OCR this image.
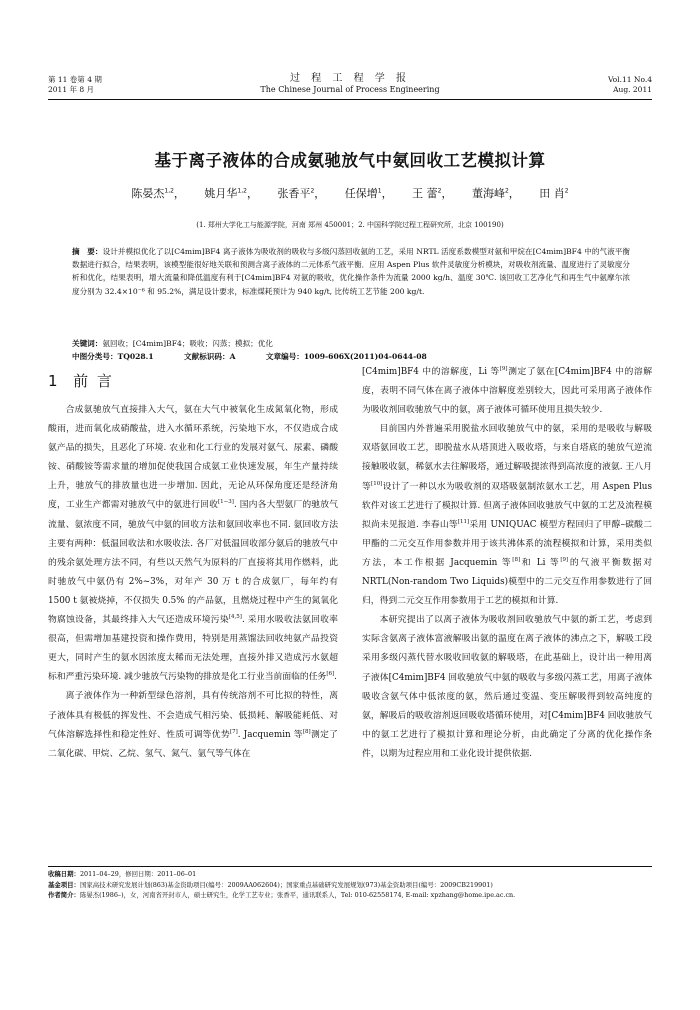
第 11 卷第 4 期
2011 年 8 月
过 程 工 程 学 报
The Chinese Journal of Process Engineering
Vol.11 No.4
Aug. 2011
基于离子液体的合成氨驰放气中氨回收工艺模拟计算
陈晏杰$^{1,2}$， 姚月华$^{1,2}$， 张香平$^2$， 任保增$^1$， 王 蕾$^2$， 董海峰$^2$， 田 肖$^2$
(1. 郑州大学化工与能源学院，河南 郑州 450001；2. 中国科学院过程工程研究所，北京 100190)
摘　要：设计并模拟优化了以[C4mim]BF4 离子液体为吸收剂的吸收与多级闪蒸回收氨的工艺，采用 NRTL 活度系数模型对氨和甲烷在[C4mim]BF4 中的气液平衡数据进行拟合，结果表明，该模型能很好地关联和预测含离子液体的二元体系气液平衡．应用 Aspen Plus 软件灵敏度分析模块，对吸收剂流量、温度进行了灵敏度分析和优化，结果表明，增大流量和降低温度有利于[C4mim]BF4 对氨的吸收，优化操作条件为流量 2000 kg/h、温度 30℃. 该回收工艺净化气和再生气中氨摩尔浓度分别为 32.4×10⁻⁶ 和 95.2%，满足设计要求，标准煤耗预计为 940 kg/t, 比传统工艺节能 200 kg/t.
关键词：氨回收；[C4mim]BF4；吸收；闪蒸；模拟；优化
中图分类号：TQ028.1	文献标识码：A	文章编号：1009-606X(2011)04-0644-08
1 前 言

合成氨驰放气直接排入大气，氨在大气中被氧化生成氮氧化物，形成酸雨，进而氧化成硝酸盐，进入水循环系统，污染地下水，不仅造成合成氨产品的损失，且恶化了环境. 农业和化工行业的发展对氨气、尿素、磷酸铵、硝酸铵等需求量的增加促使我国合成氨工业快速发展，年生产量持续上升，驰放气的排放量也进一步增加. 因此，无论从环保角度还是经济角度，工业生产都需对驰放气中的氨进行回收[1−3]. 国内各大型氨厂的驰放气流量、氨浓度不同，驰放气中氨的回收方法和氨回收率也不同. 氨回收方法主要有两种：低温回收法和水吸收法. 各厂对低温回收部分氨后的驰放气中的残余氨处理方法不同，有些以天然气为原料的厂直接将其用作燃料，此时驰放气中氨仍有 2%~3%，对年产 30 万 t 的合成氨厂，每年约有 1500 t 氨被烧掉，不仅损失 0.5% 的产品氨，且燃烧过程中产生的氮氧化物腐蚀设备，其最终排入大气还造成环境污染[4,5]. 采用水吸收法氨回收率很高，但需增加基建投资和操作费用，特别是用蒸馏法回收纯氨产品投资更大，同时产生的氨水因浓度太稀而无法处理，直接外排又造成污水氨超标和严重污染环境. 减少驰放气污染物的排放是化工行业当前面临的任务[6].

离子液体作为一种新型绿色溶剂，具有传统溶剂不可比拟的特性，离子液体具有极低的挥发性、不会造成气相污染、低损耗、解吸能耗低、对气体溶解选择性和稳定性好、性质可调等优势[7]. Jacquemin 等[8]测定了二氧化碳、甲烷、乙烷、氢气、氮气、氩气等气体在

[C4mim]BF4 中的溶解度，Li 等[9]测定了氨在[C4mim]BF4 中的溶解度，表明不同气体在离子液体中溶解度差别较大，因此可采用离子液体作为吸收剂回收驰放气中的氨，离子液体可循环使用且损失较少.

目前国内外普遍采用脱盐水回收驰放气中的氨，采用的是吸收与解吸双塔氨回收工艺，即脱盐水从塔顶进入吸收塔，与来自塔底的驰放气逆流接触吸收氨，稀氨水去往解吸塔，通过解吸提浓得到高浓度的液氨. 王八月等[10]设计了一种以水为吸收剂的双塔吸氨制浓氨水工艺，用 Aspen Plus 软件对该工艺进行了模拟计算. 但离子液体回收驰放气中氨的工艺及流程模拟尚未见报道. 李春山等[11]采用 UNIQUAC 模型方程回归了甲醇–碳酸二甲酯的二元交互作用参数并用于该共沸体系的流程模拟和计算，采用类似方法，本工作根据 Jacquemin 等[8]和 Li 等[9]的气液平衡数据对 NRTL(Non-random Two Liquids)模型中的二元交互作用参数进行了回归，得到二元交互作用参数用于工艺的模拟和计算.

本研究提出了以离子液体为吸收剂回收驰放气中氨的新工艺，考虑到实际含氨离子液体富液解吸出氨的温度在离子液体的沸点之下，解吸工段采用多级闪蒸代替水吸收回收氨的解吸塔，在此基础上，设计出一种用离子液体[C4mim]BF4 回收驰放气中氨的吸收与多级闪蒸工艺，用离子液体吸收含氨气体中低浓度的氨，然后通过变温、变压解吸得到较高纯度的氨，解吸后的吸收溶剂返回吸收塔循环使用，对[C4mim]BF4 回收驰放气中的氨工艺进行了模拟计算和理论分析，由此确定了分离的优化操作条件，以期为过程应用和工业化设计提供依据.

收稿日期：2011–04–29，修回日期：2011–06–01
基金项目：国家高技术研究发展计划(863)基金资助项目(编号：2009AA062604)；国家重点基础研究发展规划(973)基金资助项目(编号：2009CB219901)
作者简介：陈晏杰(1986–)，女，河南省开封市人，硕士研究生，化学工艺专业；张香平，通讯联系人，Tel: 010-62558174, E-mail: xpzhang@home.ipe.ac.cn.
